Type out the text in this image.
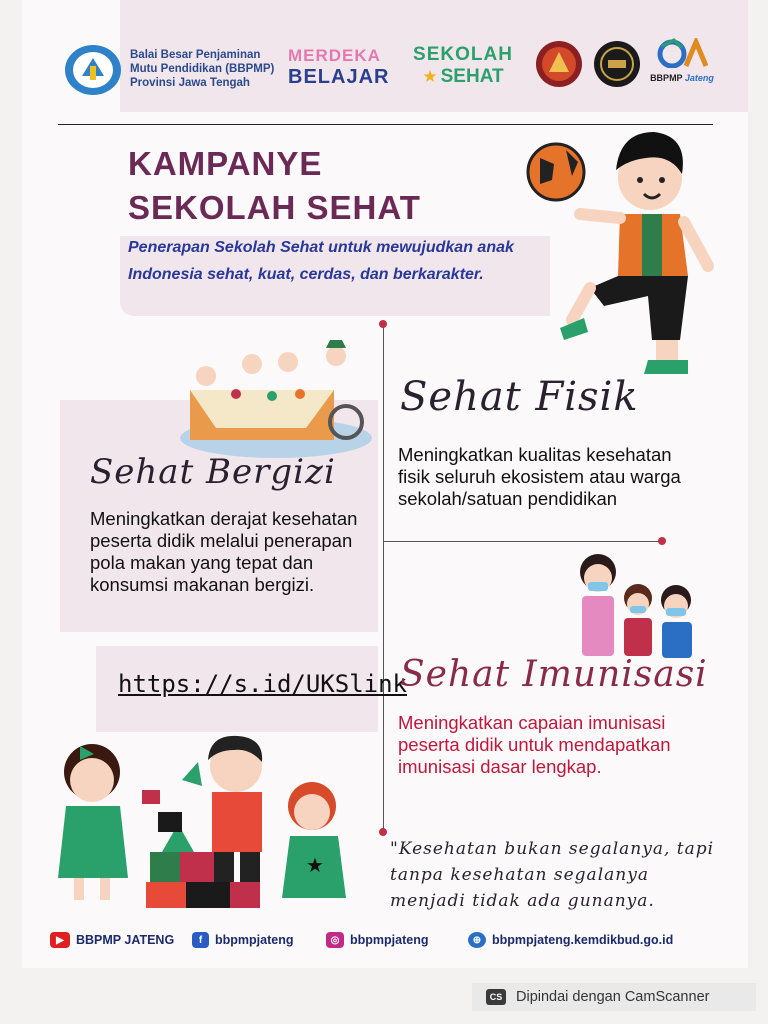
Balai Besar Penjaminan Mutu Pendidikan (BBPMP) Provinsi Jawa Tengah
MERDEKA
BELAJAR
SEKOLAH
★ SEHAT	BBPMP Jateng
KAMPANYE
SEKOLAH SEHAT
Penerapan Sekolah Sehat untuk mewujudkan anak Indonesia sehat, kuat, cerdas, dan berkarakter.
Sehat Bergizi
Meningkatkan derajat kesehatan peserta didik melalui penerapan pola makan yang tepat dan konsumsi makanan bergizi.
Sehat Fisik
Meningkatkan kualitas kesehatan fisik seluruh ekosistem atau warga sekolah/satuan pendidikan
https://s.id/UKSlink
Sehat Imunisasi
Meningkatkan capaian imunisasi peserta didik untuk mendapatkan imunisasi dasar lengkap.
★
"Kesehatan bukan segalanya, tapi tanpa kesehatan segalanya menjadi tidak ada gunanya.
▶ BBPMP JATENG	f	bbpmpjateng	◎ bbpmpjateng	⊕ bbpmpjateng.kemdikbud.go.id
CS Dipindai dengan CamScanner
